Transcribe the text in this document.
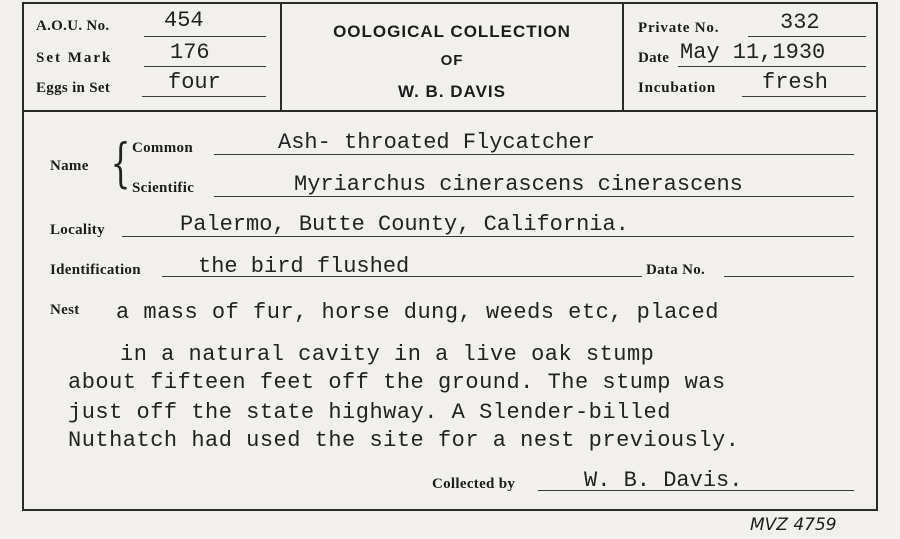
A.O.U. No. 454
Set Mark	176
Eggs in Set	four
OOLOGICAL COLLECTION
OF
W. B. DAVIS
Private No.	332
Date May 11,1930
Incubation fresh
Name { Common	Ash- throated Flycatcher
Scientific	Myriarchus cinerascens cinerascens
Locality	Palermo, Butte County, California.
Identification	the bird flushed	Data No.
Nest a mass of fur, horse dung, weeds etc, placed
in a natural cavity in a live oak stump
about fifteen feet off the ground. The stump was
just off the state highway. A Slender-billed
Nuthatch had used the site for a nest previously.
Collected by	W. B. Davis.
MVZ 4759
